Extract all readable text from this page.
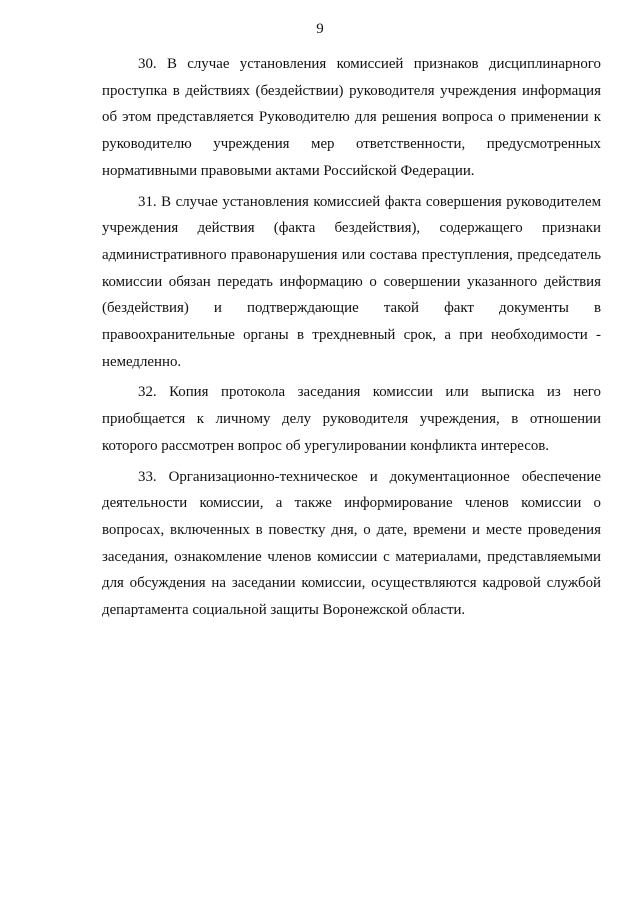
9

30. В случае установления комиссией признаков дисциплинарного проступка в действиях (бездействии) руководителя учреждения информация об этом представляется Руководителю для решения вопроса о применении к руководителю учреждения мер ответственности, предусмотренных нормативными правовыми актами Российской Федерации.

31. В случае установления комиссией факта совершения руководителем учреждения действия (факта бездействия), содержащего признаки административного правонарушения или состава преступления, председатель комиссии обязан передать информацию о совершении указанного действия (бездействия) и подтверждающие такой факт документы в правоохранительные органы в трехдневный срок, а при необходимости - немедленно.

32. Копия протокола заседания комиссии или выписка из него приобщается к личному делу руководителя учреждения, в отношении которого рассмотрен вопрос об урегулировании конфликта интересов.

33. Организационно-техническое и документационное обеспечение деятельности комиссии, а также информирование членов комиссии о вопросах, включенных в повестку дня, о дате, времени и месте проведения заседания, ознакомление членов комиссии с материалами, представляемыми для обсуждения на заседании комиссии, осуществляются кадровой службой департамента социальной защиты Воронежской области.
